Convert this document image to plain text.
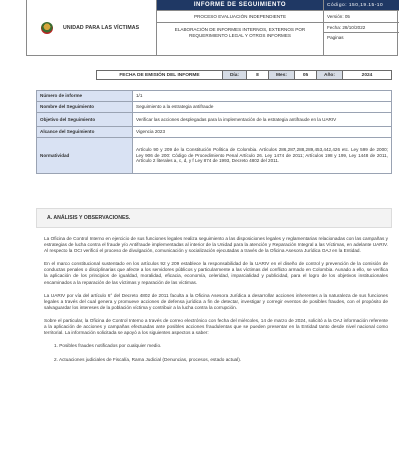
UNIDAD PARA LAS VÍCTIMAS
INFORME DE SEGUIMIENTO
PROCESO EVALUACIÓN INDEPENDIENTE
ELABORACIÓN DE INFORMES INTERNOS, EXTERNOS POR REQUERIMIENTO LEGAL Y OTROS INFORMES
Código: 150,19.15-10
Versión: 05
Fecha: 28/10/2022
Paginas
FECHA DE EMISIÓN DEL INFORME	Día:	8	Mes:	05	Año:	2024
Número de informe	1/1
Nombre del Seguimiento	Seguimiento a la estrategia antifraude
Objetivo del Seguimiento	Verificar las acciones desplegadas para la implementación de la estrategia antifraude en la UARIV
Alcance del Seguimiento	Vigencia 2023
Normatividad	Artículo 90 y 209 de la Constitución Política de Colombia. Artículos 286,287,288,289,453,442,426 etc. Ley 599 de 2000; Ley 906 de 200: Código de Procedimiento Penal Artículo 26. Ley 1474 de 2011; Artículos 198 y 199, Ley 1448 de 2011, Artículo 2 literales a, c, d, y f Ley 874 de 1993, Decreto 4802 del 2011.
A. ANÁLISIS Y OBSERVACIONES.

La Oficina de Control Interno en ejercicio de sus funciones legales realiza seguimiento a las disposiciones legales y reglamentarias relacionadas con las campañas y estrategias de lucha contra el fraude y/o Antifraude implementadas al interior de la Unidad para la atención y Reparación Integral a las Víctimas, en adelante UARIV. Al respecto la OCI verificó el proceso de divulgación, comunicación y socialización ejecutadas a través de la Oficina Asesora Jurídica OAJ en la Entidad.

En el marco constitucional sustentado en los artículos 92 y 209 establece la responsabilidad de la UARIV en el diseño de control y prevención de la comisión de conductas penales o disciplinarias que afecte a los servidores públicos y particularmente a las víctimas del conflicto armado en Colombia. Aunado a ello, se verifica la aplicación de los principios de igualdad, moralidad, eficacia, economía, celeridad, imparcialidad y publicidad, para el logro de los objetivos institucionales encaminados a la reparación de las víctimas y reparación de las víctimas.

La UARIV por vía del artículo 6° del Decreto 4802 de 2011 faculta a la Oficina Asesora Jurídica a desarrollar acciones inherentes a la naturaleza de sus funciones legales a través del cual genera y promueve acciones de defensa jurídica a fin de detectar, investigar y corregir eventos de posibles fraudes, con el propósito de salvaguardar los intereses de la población víctima y contribuir a la lucha contra la corrupción.

Sobre el particular, la Oficina de Control Interno a través de correo electrónico con fecha del miércoles, 14 de marzo de 2024, solicitó a la OAJ información referente a la aplicación de acciones y campañas efectuadas ante posibles acciones fraudulentas que se pueden presentar en la Entidad tanto desde nivel nacional como territorial. La información solicitada se apoyó a los siguientes aspectos a saber:

1. Posibles fraudes notificados por cualquier medio.
2. Actuaciones judiciales de Fiscalía, Rama Judicial (Denuncias, procesos, estado actual).
